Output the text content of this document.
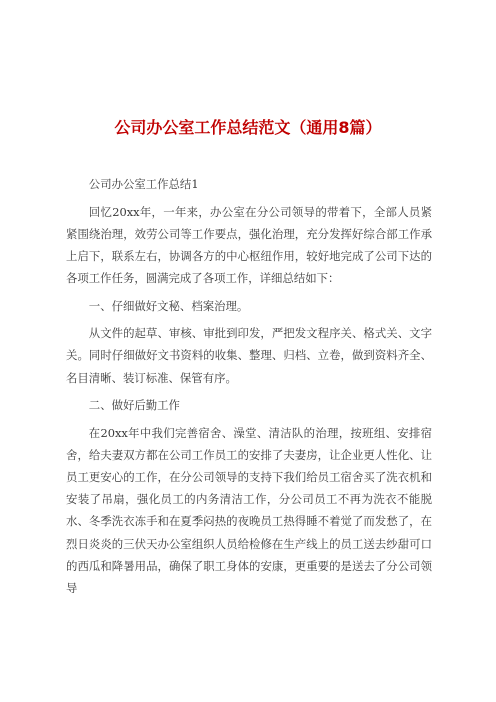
公司办公室工作总结范文（通用8篇）

公司办公室工作总结1

回忆20xx年，一年来，办公室在分公司领导的带着下，全部人员紧紧围绕治理，效劳公司等工作要点，强化治理，充分发挥好综合部工作承上启下，联系左右，协调各方的中心枢纽作用，较好地完成了公司下达的各项工作任务，圆满完成了各项工作，详细总结如下：

一、仔细做好文秘、档案治理。

从文件的起草、审核、审批到印发，严把发文程序关、格式关、文字关。同时仔细做好文书资料的收集、整理、归档、立卷，做到资料齐全、名目清晰、装订标准、保管有序。

二、做好后勤工作

在20xx年中我们完善宿舍、澡堂、清洁队的治理，按班组、安排宿舍，给夫妻双方都在公司工作员工的安排了夫妻房，让企业更人性化、让员工更安心的工作，在分公司领导的支持下我们给员工宿舍买了洗衣机和安装了吊扇，强化员工的内务清洁工作，分公司员工不再为洗衣不能脱水、冬季洗衣冻手和在夏季闷热的夜晚员工热得睡不着觉了而发愁了，在烈日炎炎的三伏天办公室组织人员给检修在生产线上的员工送去纱甜可口的西瓜和降暑用品，确保了职工身体的安康，更重要的是送去了分公司领导
